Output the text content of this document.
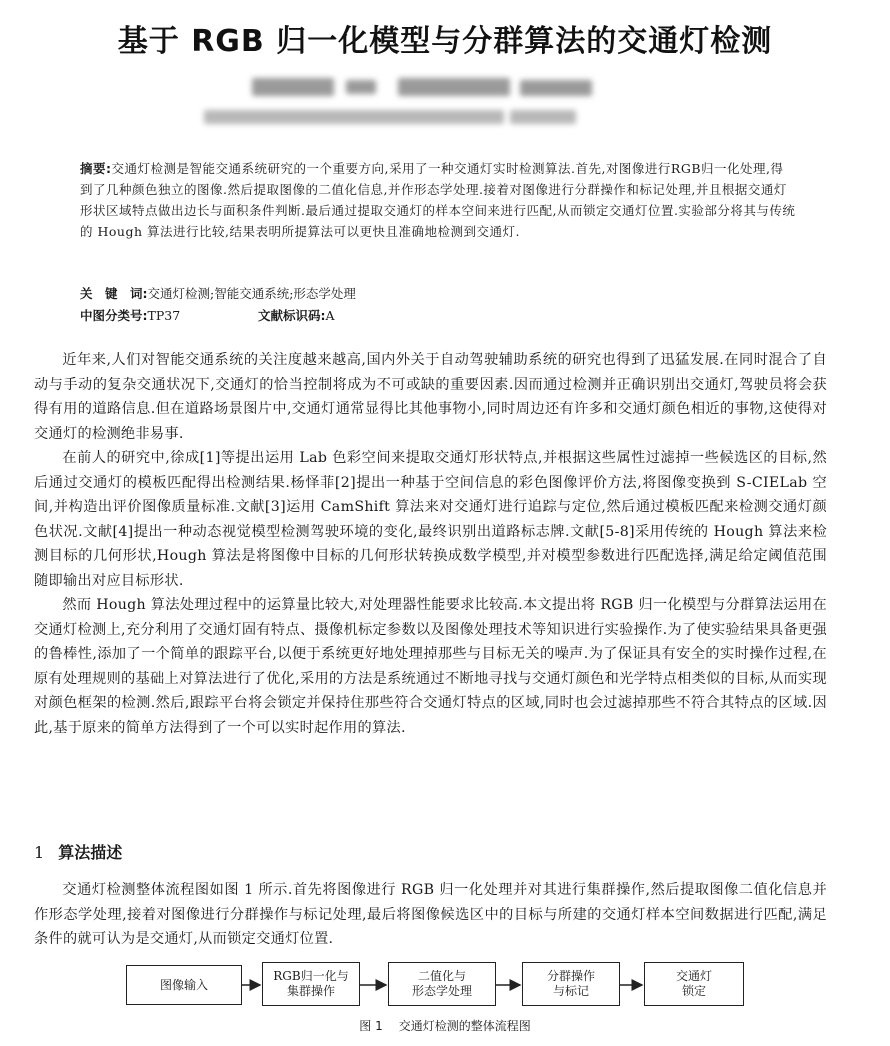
基于 RGB 归一化模型与分群算法的交通灯检测
摘要:交通灯检测是智能交通系统研究的一个重要方向,采用了一种交通灯实时检测算法.首先,对图像进行RGB归一化处理,得到了几种颜色独立的图像.然后提取图像的二值化信息,并作形态学处理.接着对图像进行分群操作和标记处理,并且根据交通灯形状区域特点做出边长与面积条件判断.最后通过提取交通灯的样本空间来进行匹配,从而锁定交通灯位置.实验部分将其与传统的 Hough 算法进行比较,结果表明所提算法可以更快且准确地检测到交通灯.
关　键　词:交通灯检测;智能交通系统;形态学处理
中图分类号:TP37	文献标识码:A

近年来,人们对智能交通系统的关注度越来越高,国内外关于自动驾驶辅助系统的研究也得到了迅猛发展.在同时混合了自动与手动的复杂交通状况下,交通灯的恰当控制将成为不可或缺的重要因素.因而通过检测并正确识别出交通灯,驾驶员将会获得有用的道路信息.但在道路场景图片中,交通灯通常显得比其他事物小,同时周边还有许多和交通灯颜色相近的事物,这使得对交通灯的检测绝非易事.

在前人的研究中,徐成[1]等提出运用 Lab 色彩空间来提取交通灯形状特点,并根据这些属性过滤掉一些候选区的目标,然后通过交通灯的模板匹配得出检测结果.杨怿菲[2]提出一种基于空间信息的彩色图像评价方法,将图像变换到 S-CIELab 空间,并构造出评价图像质量标准.文献[3]运用 CamShift 算法来对交通灯进行追踪与定位,然后通过模板匹配来检测交通灯颜色状况.文献[4]提出一种动态视觉模型检测驾驶环境的变化,最终识别出道路标志牌.文献[5-8]采用传统的 Hough 算法来检测目标的几何形状,Hough 算法是将图像中目标的几何形状转换成数学模型,并对模型参数进行匹配选择,满足给定阈值范围随即输出对应目标形状.

然而 Hough 算法处理过程中的运算量比较大,对处理器性能要求比较高.本文提出将 RGB 归一化模型与分群算法运用在交通灯检测上,充分利用了交通灯固有特点、摄像机标定参数以及图像处理技术等知识进行实验操作.为了使实验结果具备更强的鲁棒性,添加了一个简单的跟踪平台,以便于系统更好地处理掉那些与目标无关的噪声.为了保证具有安全的实时操作过程,在原有处理规则的基础上对算法进行了优化,采用的方法是系统通过不断地寻找与交通灯颜色和光学特点相类似的目标,从而实现对颜色框架的检测.然后,跟踪平台将会锁定并保持住那些符合交通灯特点的区域,同时也会过滤掉那些不符合其特点的区域.因此,基于原来的简单方法得到了一个可以实时起作用的算法.

1 算法描述

交通灯检测整体流程图如图 1 所示.首先将图像进行 RGB 归一化处理并对其进行集群操作,然后提取图像二值化信息并作形态学处理,接着对图像进行分群操作与标记处理,最后将图像候选区中的目标与所建的交通灯样本空间数据进行匹配,满足条件的就可认为是交通灯,从而锁定交通灯位置.

图像输入
RGB归一化与
集群操作
二值化与
形态学处理
分群操作
与标记
交通灯
锁定
图 1 交通灯检测的整体流程图
